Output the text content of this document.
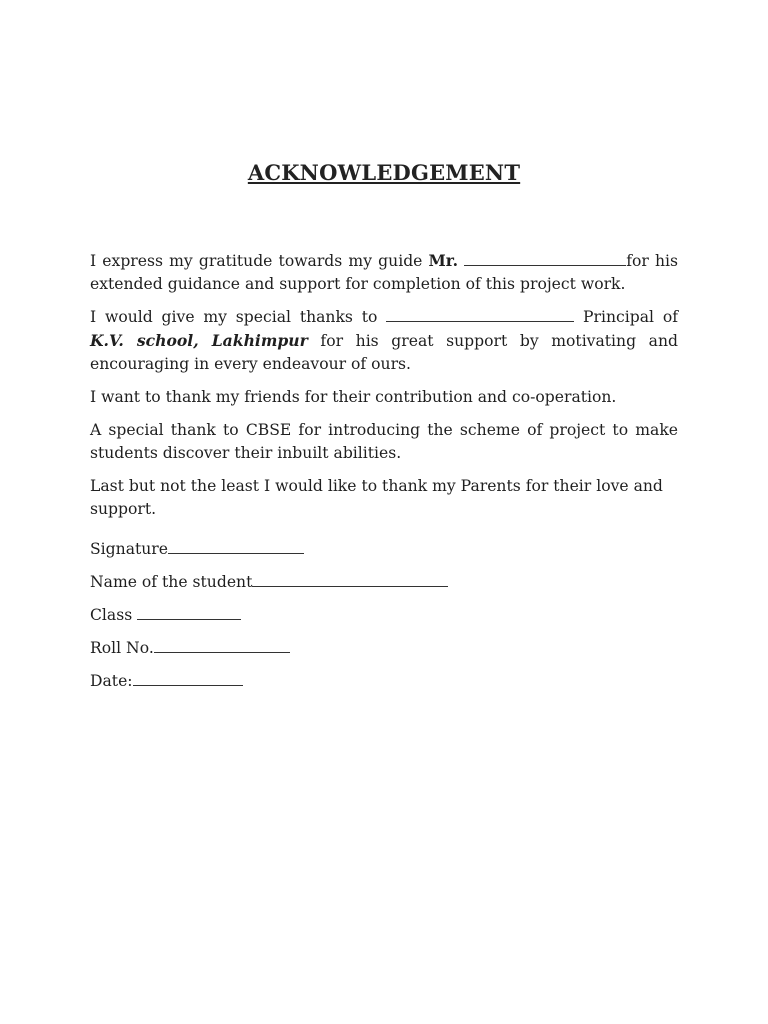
ACKNOWLEDGEMENT

I express my gratitude towards my guide Mr.	for his extended guidance and support for completion of this project work.

I would give my special thanks to	Principal of K.V. school, Lakhimpur for his great support by motivating and encouraging in every endeavour of ours.

I want to thank my friends for their contribution and co-operation.

A special thank to CBSE for introducing the scheme of project to make students discover their inbuilt abilities.

Last but not the least I would like to thank my Parents for their love and support.

Signature
Name of the student
Class
Roll No.
Date:
